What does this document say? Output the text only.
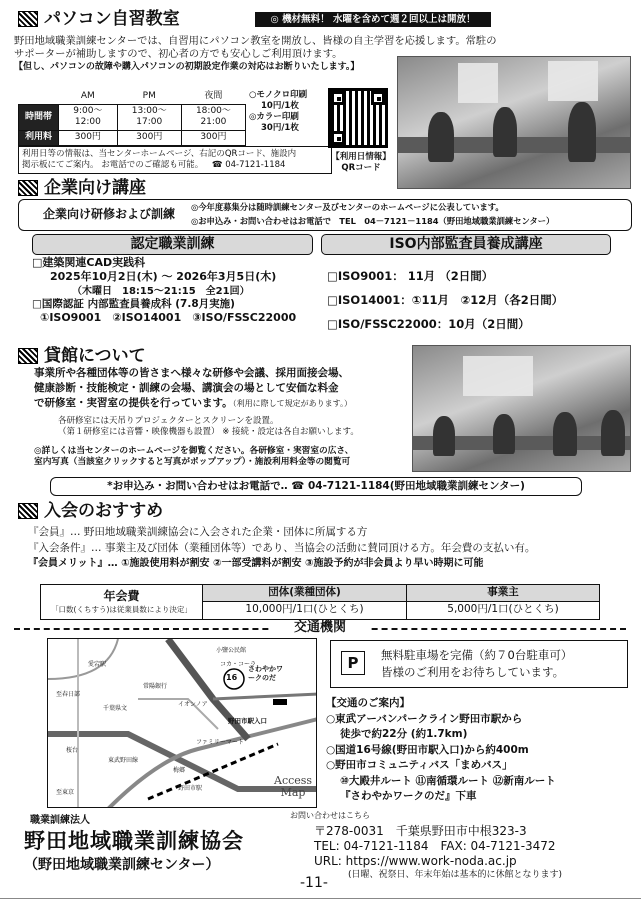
パソコン自習教室	◎ 機材無料！ 水曜を含めて週２回以上は開放！
野田地域職業訓練センターでは、自習用にパソコン教室を開放し、皆様の自主学習を応援します。常駐の
サポーターが補助しますので、初心者の方でも安心しご利用頂けます。
【但し、パソコンの故障や購入パソコンの初期設定作業の対応はお断りいたします。】
	AM	PM	夜間
時間帯	9:00～12:00	13:00～17:00	18:00～21:00
利用料	300円	300円	300円
○モノクロ印刷
10円/1枚
◎カラー印刷
30円/1枚
利用日等の情報は、当センターホームページ、右記のQRコード、施設内
掲示板にてご案内。 お電話でのご確認も可能。 ☎ 04-7121-1184
【利用日情報】
QRコード
企業向け講座
企業向け研修および訓練 ◎今年度募集分は随時訓練センター及びセンターのホームページに公表しています。
◎お申込み・お問い合わせはお電話で　TEL　04－7121－1184（野田地域職業訓練センター）
認定職業訓練
□建築関連CAD実践科
2025年10月2日(木) ～ 2026年3月5日(木)
（木曜日　18:15～21:15　全21回）
□国際認証 内部監査員養成科 (7.8月実施)
①ISO9001　②ISO14001　③ISO/FSSC22000
ISO内部監査員養成講座
□ISO9001： 11月 （2日間）
□ISO14001：①11月　②12月（各2日間）
□ISO/FSSC22000：10月（2日間）
貸館について
事業所や各種団体等の皆さまへ様々な研修や会議、採用面接会場、
健康診断・技能検定・訓練の会場、講演会の場として安価な料金
で研修室・実習室の提供を行っています。（利用に際して規定があります。）
各研修室には天吊りプロジェクターとスクリーンを設置。
（第１研修室には音響・映像機器も設置） ※ 接続・設定は各自お願いします。
◎詳しくは当センターのホームページを御覧ください。各研修室・実習室の広さ、
室内写真（当該室クリックすると写真がポップアップ）・施設利用料金等の閲覧可
*お申込み・お問い合わせはお電話で‥ ☎ 04-7121-1184(野田地域職業訓練センター)
入会のおすすめ
『会員』… 野田地域職業訓練協会に入会された企業・団体に所属する方
『入会条件』… 事業主及び団体（業種団体等）であり、当協会の活動に賛同頂ける方。年会費の支払い有。
『会員メリット』… ①施設使用料が割安 ②一部受講料が割安 ③施設予約が非会員より早い時期に可能
年会費
「口数(くちすう)は従業員数により決定」	団体(業種団体)	事業主
	10,000円/1口(ひとくち)	5,000円/1口(ひとくち)
交通機関
16
愛宕駅
至春日部
千葉県文
小鹽公民館
コカ・コーラ
さわやかワークのだ
常陽銀行
イオンノア
野田市駅入口
ファミリーマート
桜台
東武野田線
梅郷
野田市駅
至東京
Access
Map
P	無料駐車場を完備（約７0台駐車可）
皆様のご利用をお待ちしています。
【交通のご案内】
○東武アーバンパークライン野田市駅から
徒歩で約22分 (約1.7km)
○国道16号線(野田市駅入口)から約400m
○野田市コミュニティバス「まめバス」
⑩大殿井ルート ⑪南循環ルート ⑫新南ルート
『さわやかワークのだ』下車
お問い合わせはこちら
職業訓練法人
野田地域職業訓練協会
（野田地域職業訓練センター）
〒278-0031　千葉県野田市中根323-3
TEL: 04-7121-1184　FAX: 04-7121-3472
URL: https://www.work-noda.ac.jp
-11- (日曜、祝祭日、年末年始は基本的に休館となります)
